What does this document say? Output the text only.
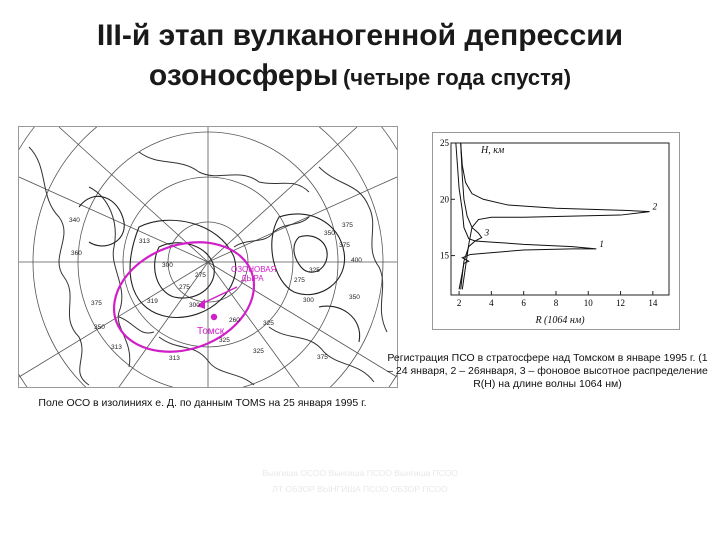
III-й этап вулканогенной депрессии
озоносферы (четыре года спустя)
ОЗОНОВАЯ
ДЫРА
Томск
340
360
375
375
300
275
350
325
275
300
400
350
375
325
319
300
275
260
325
350
313
313
325
375
313
Поле ОСО в изолиниях е. Д. по данным TOMS на 25 января 1995 г.
2	4	6	8	10	12	14
15
20
25
1
2
3
H, км
R (1064 нм)
Регистрация ПСО в стратосфере над Томском в январе 1995 г. (1 – 24 января, 2 – 26января, 3 – фоновое высотное распределение R(H) на длине волны 1064 нм)
Вынгиша ОСОО Вынгиша ПСОО Вынгиша ПСОО
ЛТ ОБЗОР ВЫНГИША ПСОО ОБЗОР ПСОО
